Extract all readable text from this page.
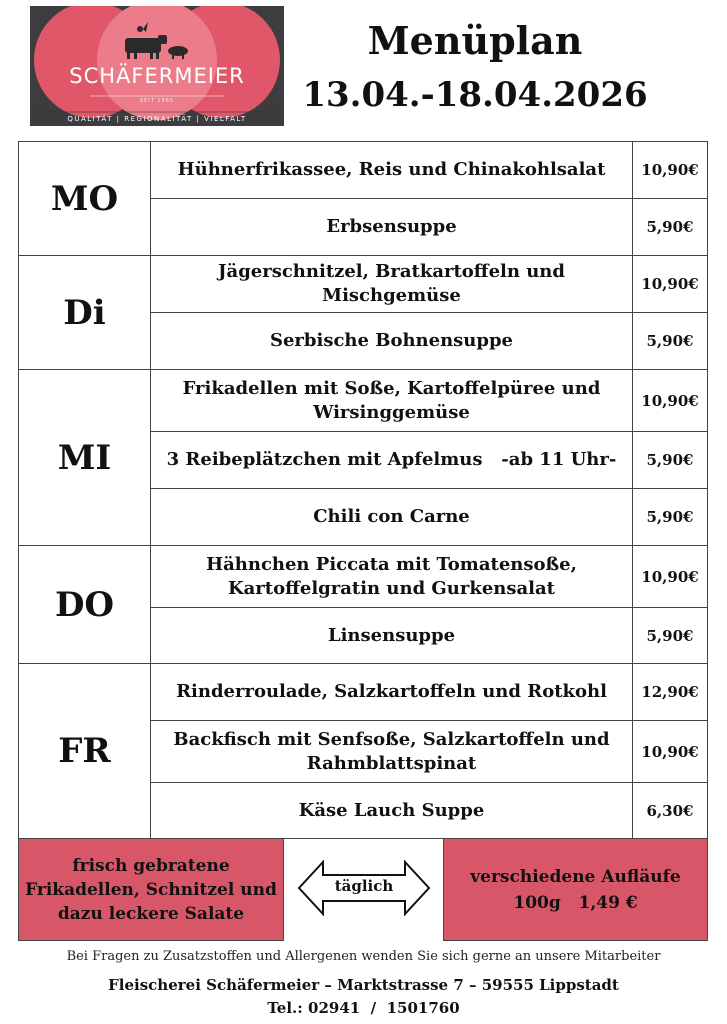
SCHÄFERMEIER
SEIT 1965
QUALITÄT | REGIONALITÄT | VIELFALT
Menüplan
13.04.-18.04.2026
MO	Hühnerfrikassee, Reis und Chinakohlsalat	10,90€
	Erbsensuppe	5,90€
Di	Jägerschnitzel, Bratkartoffeln und Mischgemüse	10,90€
	Serbische Bohnensuppe	5,90€
MI	Frikadellen mit Soße, Kartoffelpüree und Wirsinggemüse	10,90€
	3 Reibeplätzchen mit Apfelmus   -ab 11 Uhr-	5,90€
	Chili con Carne	5,90€
DO	Hähnchen Piccata mit Tomatensoße, Kartoffelgratin und Gurkensalat	10,90€
	Linsensuppe	5,90€
FR	Rinderroulade, Salzkartoffeln und Rotkohl	12,90€
	Backfisch mit Senfsoße, Salzkartoffeln und Rahmblattspinat	10,90€
	Käse Lauch Suppe	6,30€
frisch gebratene Frikadellen, Schnitzel und dazu leckere Salate
täglich	verschiedene Aufläufe
100g   1,49 €
Bei Fragen zu Zusatzstoffen und Allergenen wenden Sie sich gerne an unsere Mitarbeiter
Fleischerei Schäfermeier – Marktstrasse 7 – 59555 Lippstadt
Tel.: 02941  /  1501760
